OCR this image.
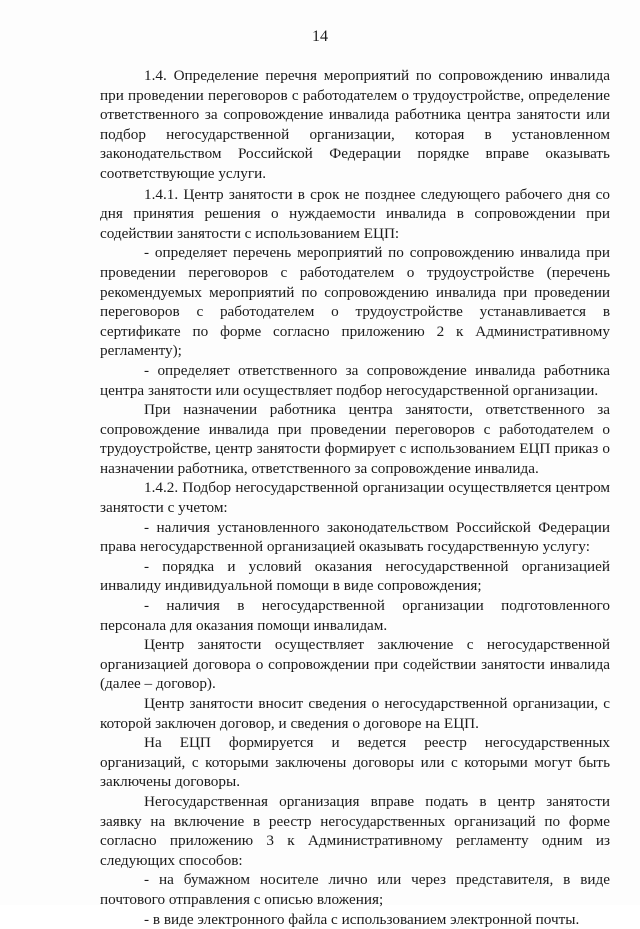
14

1.4. Определение перечня мероприятий по сопровождению инвалида при проведении переговоров с работодателем о трудоустройстве, определение ответственного за сопровождение инвалида работника центра занятости или подбор негосударственной организации, которая в установленном законодательством Российской Федерации порядке вправе оказывать соответствующие услуги.

1.4.1. Центр занятости в срок не позднее следующего рабочего дня со дня принятия решения о нуждаемости инвалида в сопровождении при содействии занятости с использованием ЕЦП:

- определяет перечень мероприятий по сопровождению инвалида при проведении переговоров с работодателем о трудоустройстве (перечень рекомендуемых мероприятий по сопровождению инвалида при проведении переговоров с работодателем о трудоустройстве устанавливается в сертификате по форме согласно приложению 2 к Административному регламенту);

- определяет ответственного за сопровождение инвалида работника центра занятости или осуществляет подбор негосударственной организации.

При назначении работника центра занятости, ответственного за сопровождение инвалида при проведении переговоров с работодателем о трудоустройстве, центр занятости формирует с использованием ЕЦП приказ о назначении работника, ответственного за сопровождение инвалида.

1.4.2. Подбор негосударственной организации осуществляется центром занятости с учетом:

- наличия установленного законодательством Российской Федерации права негосударственной организацией оказывать государственную услугу:

- порядка и условий оказания негосударственной организацией инвалиду индивидуальной помощи в виде сопровождения;

- наличия в негосударственной организации подготовленного персонала для оказания помощи инвалидам.

Центр занятости осуществляет заключение с негосударственной организацией договора о сопровождении при содействии занятости инвалида (далее – договор).

Центр занятости вносит сведения о негосударственной организации, с которой заключен договор, и сведения о договоре на ЕЦП.

На ЕЦП формируется и ведется реестр негосударственных организаций, с которыми заключены договоры или с которыми могут быть заключены договоры.

Негосударственная организация вправе подать в центр занятости заявку на включение в реестр негосударственных организаций по форме согласно приложению 3 к Административному регламенту одним из следующих способов:

- на бумажном носителе лично или через представителя, в виде почтового отправления с описью вложения;

- в виде электронного файла с использованием электронной почты.
